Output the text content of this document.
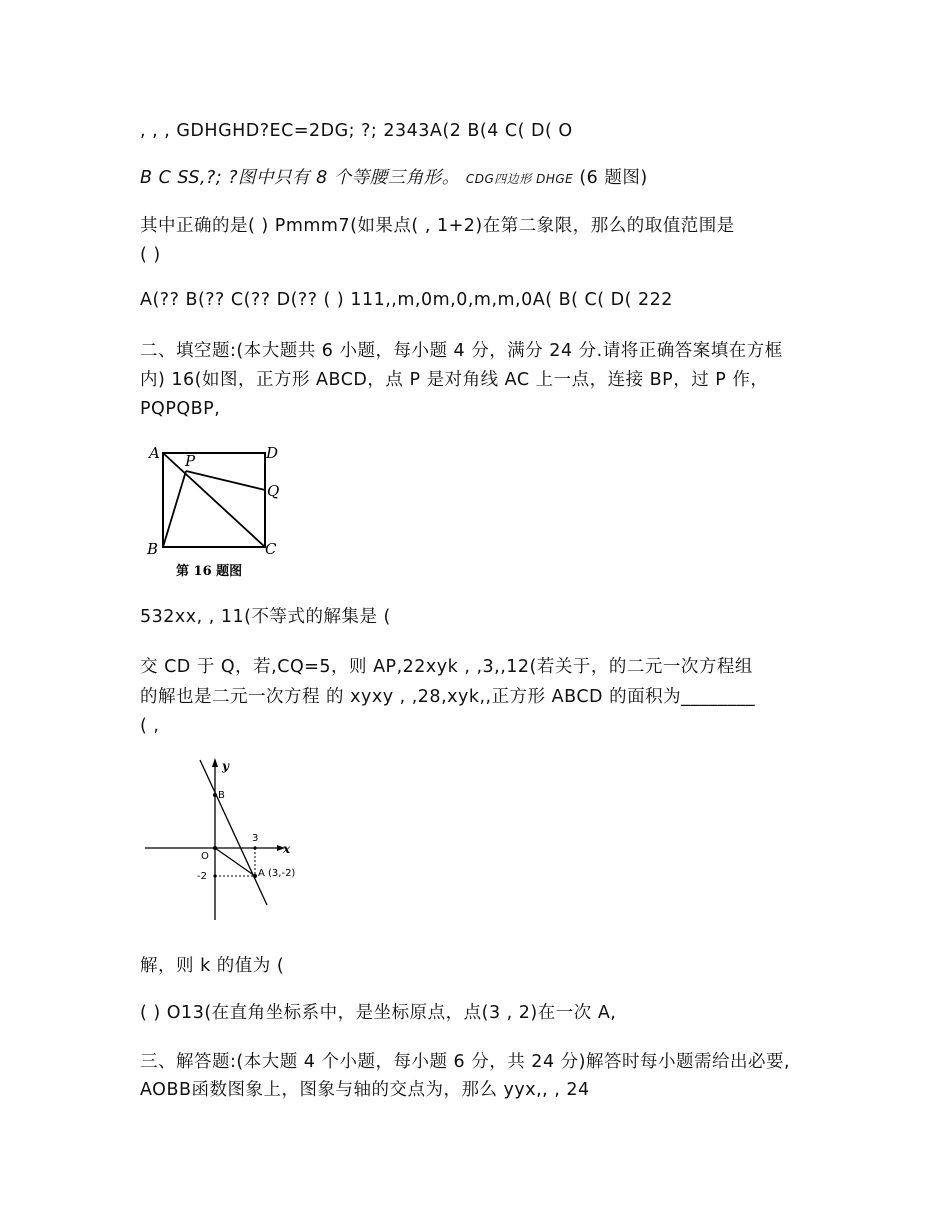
, , , GDHGHD?EC=2DG; ?; 2343A(2 B(4 C( D( O
B C SS,?; ?图中只有 8 个等腰三角形。 CDG四边形 DHGE (6 题图)
其中正确的是( ) Pmmm7(如果点( , 1+2)在第二象限，那么的取值范围是
( )
A(?? B(?? C(?? D(?? ( ) 111,,m,0m,0,m,m,0A( B( C( D( 222
二、填空题:(本大题共 6 小题，每小题 4 分，满分 24 分.请将正确答案填在方框
内) 16(如图，正方形 ABCD，点 P 是对角线 AC 上一点，连接 BP，过 P 作，
PQPQBP,
A P	D
Q
B	C
第 16 题图
532xx, , 11(不等式的解集是 (
交 CD 于 Q，若,CQ=5，则 AP,22xyk , ,3,,12(若关于，的二元一次方程组
的解也是二元一次方程 的 xyxy , ,28,xyk,,正方形 ABCD 的面积为________
( ,
y
x
B
O
3
-2	A (3,-2)
解，则 k 的值为 (
( ) O13(在直角坐标系中，是坐标原点，点(3 , 2)在一次 A,
三、解答题:(本大题 4 个小题，每小题 6 分，共 24 分)解答时每小题需给出必要,
AOBB函数图象上，图象与轴的交点为，那么 yyx,, , 24
